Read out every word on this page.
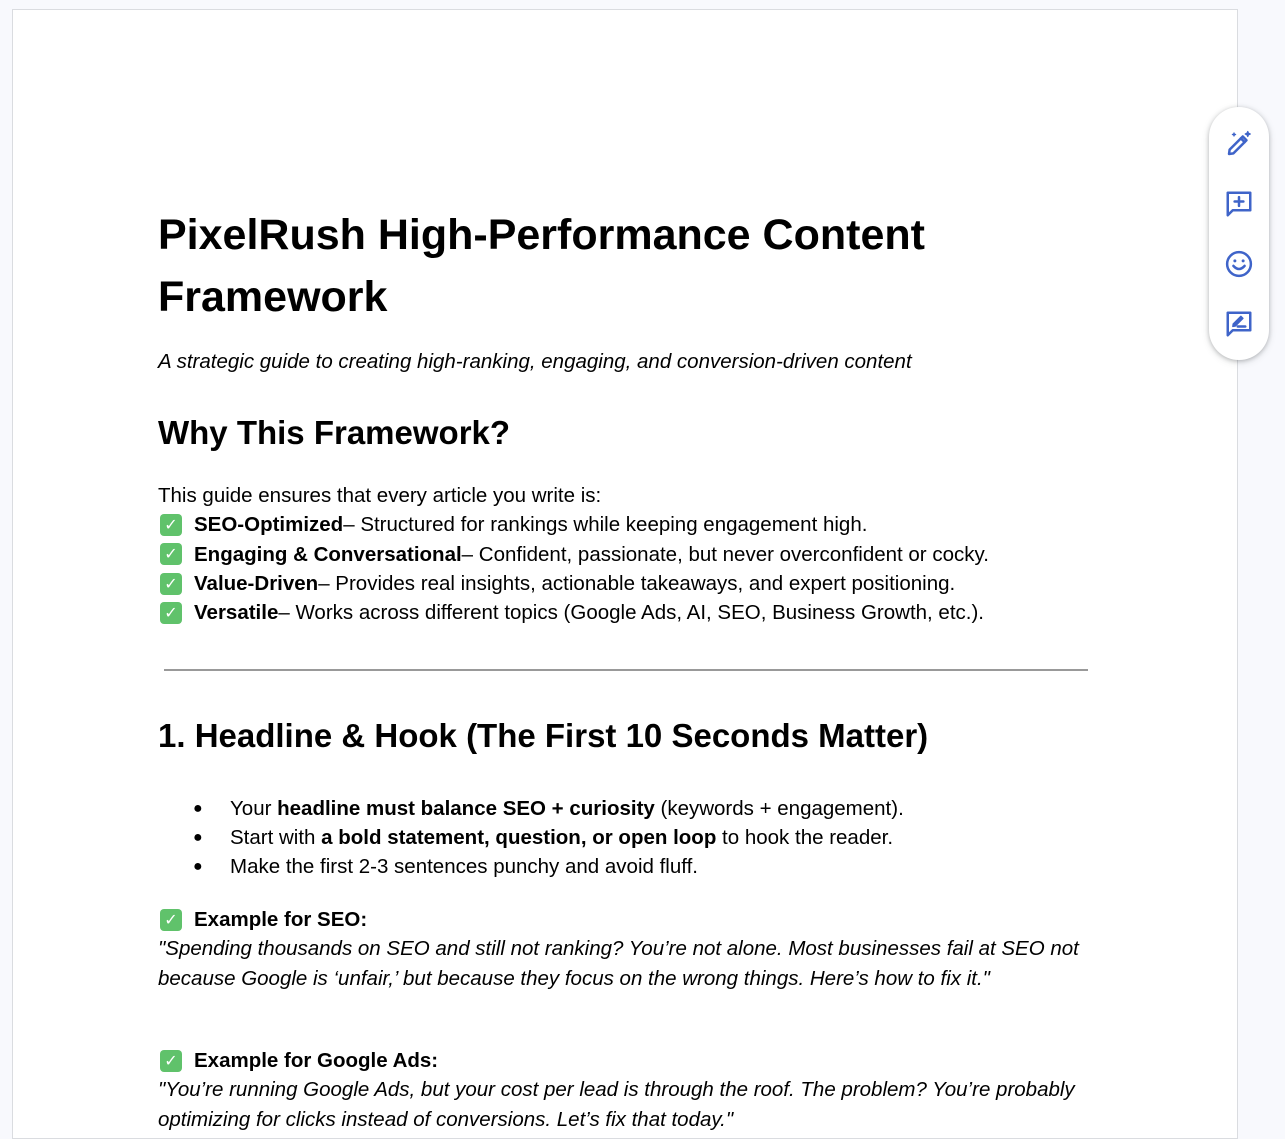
PixelRush High-Performance Content Framework

A strategic guide to creating high-ranking, engaging, and conversion-driven content

Why This Framework?
This guide ensures that every article you write is:
✓ SEO-Optimized – Structured for rankings while keeping engagement high.
✓ Engaging & Conversational – Confident, passionate, but never overconfident or cocky.
✓ Value-Driven – Provides real insights, actionable takeaways, and expert positioning.
✓ Versatile – Works across different topics (Google Ads, AI, SEO, Business Growth, etc.).
1. Headline & Hook (The First 10 Seconds Matter)
●	Your headline must balance SEO + curiosity (keywords + engagement).
●	Start with a bold statement, question, or open loop to hook the reader.
●	Make the first 2-3 sentences punchy and avoid fluff.
✓ Example for SEO:
"Spending thousands on SEO and still not ranking? You’re not alone. Most businesses fail at SEO not because Google is ‘unfair,’ but because they focus on the wrong things. Here’s how to fix it."
✓ Example for Google Ads:
"You’re running Google Ads, but your cost per lead is through the roof. The problem? You’re probably optimizing for clicks instead of conversions. Let’s fix that today."
